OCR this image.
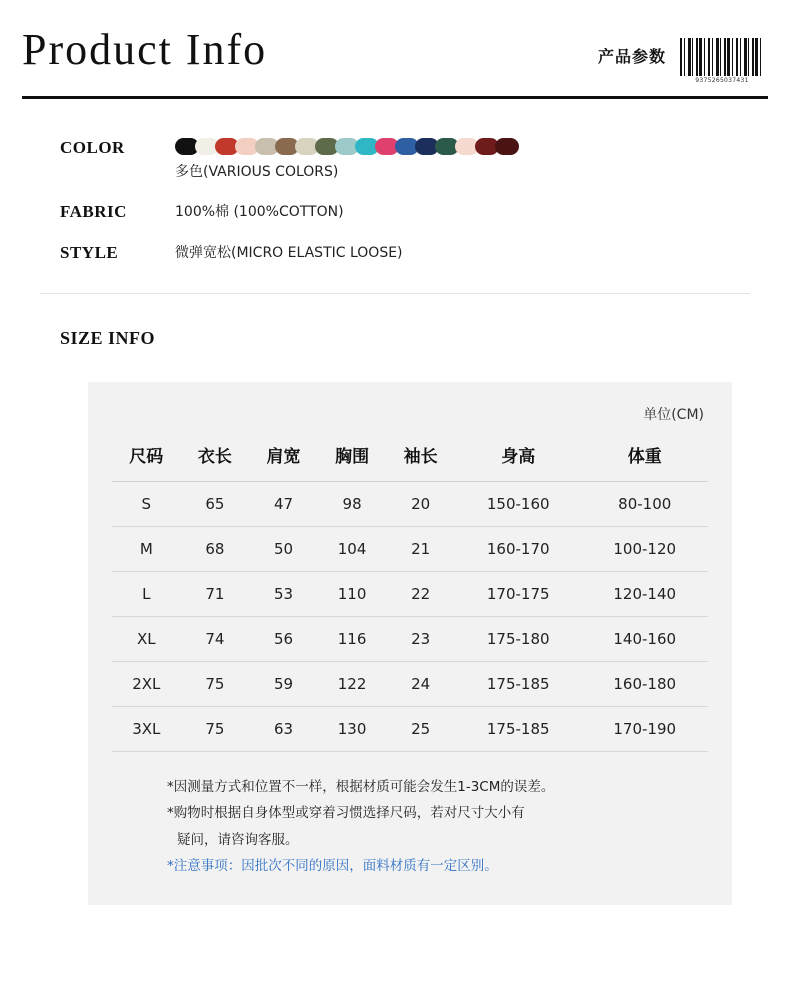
Product Info	产品参数
9375265037431
COLOR
多色(VARIOUS COLORS)
FABRIC	100%棉 (100%COTTON)
STYLE	微弹宽松(MICRO ELASTIC LOOSE)
SIZE INFO
单位(CM)
尺码	衣长	肩宽	胸围	袖长	身高	体重
S	65	47	98	20	150-160	80-100
M	68	50	104	21	160-170	100-120
L	71	53	110	22	170-175	120-140
XL	74	56	116	23	175-180	140-160
2XL	75	59	122	24	175-185	160-180
3XL	75	63	130	25	175-185	170-190
*因测量方式和位置不一样，根据材质可能会发生1-3CM的误差。
*购物时根据自身体型或穿着习惯选择尺码，若对尺寸大小有
疑问，请咨询客服。
*注意事项：因批次不同的原因，面料材质有一定区别。
